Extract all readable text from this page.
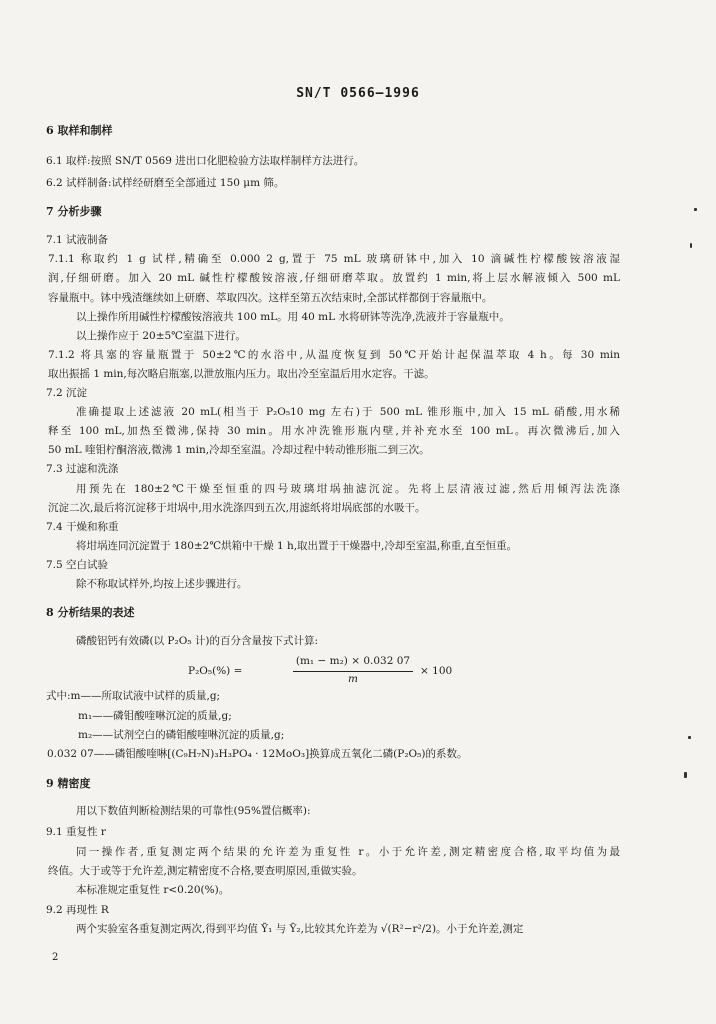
SN/T 0566—1996
6 取样和制样
6.1 取样:按照 SN/T 0569 进出口化肥检验方法取样制样方法进行。
6.2 试样制备:试样经研磨至全部通过 150 μm 筛。
7 分析步骤
7.1 试液制备
7.1.1 称取约 1 g 试样,精确至 0.000 2 g,置于 75 mL 玻璃研钵中,加入 10 滴碱性柠檬酸铵溶液湿
润,仔细研磨。加入 20 mL 碱性柠檬酸铵溶液,仔细研磨萃取。放置约 1 min,将上层水解液倾入 500 mL
容量瓶中。钵中残渣继续如上研磨、萃取四次。这样至第五次结束时,全部试样都倒于容量瓶中。
以上操作所用碱性柠檬酸铵溶液共 100 mL。用 40 mL 水将研钵等洗净,洗液并于容量瓶中。
以上操作应于 20±5℃室温下进行。
7.1.2 将具塞的容量瓶置于 50±2℃的水浴中,从温度恢复到 50℃开始计起保温萃取 4 h。每 30 min
取出振摇 1 min,每次略启瓶塞,以泄放瓶内压力。取出冷至室温后用水定容。干滤。
7.2 沉淀
准确提取上述滤液 20 mL(相当于 P₂O₅10 mg 左右)于 500 mL 锥形瓶中,加入 15 mL 硝酸,用水稀
释至 100 mL,加热至微沸,保持 30 min。用水冲洗锥形瓶内壁,并补充水至 100 mL。再次微沸后,加入
50 mL 喹钼柠酮溶液,微沸 1 min,冷却至室温。冷却过程中转动锥形瓶二到三次。
7.3 过滤和洗涤
用预先在 180±2℃干燥至恒重的四号玻璃坩埚抽滤沉淀。先将上层清液过滤,然后用倾泻法洗涤
沉淀二次,最后将沉淀移于坩埚中,用水洗涤四到五次,用滤纸将坩埚底部的水吸干。
7.4 干燥和称重
将坩埚连同沉淀置于 180±2℃烘箱中干燥 1 h,取出置于干燥器中,冷却至室温,称重,直至恒重。
7.5 空白试验
除不称取试样外,均按上述步骤进行。
8 分析结果的表述
磷酸铝钙有效磷(以 P₂O₅ 计)的百分含量按下式计算:
P₂O₅(%) =
(m₁ − m₂) × 0.032 07
m
× 100
式中:m——所取试液中试样的质量,g;
m₁——磷钼酸喹啉沉淀的质量,g;
m₂——试剂空白的磷钼酸喹啉沉淀的质量,g;
0.032 07——磷钼酸喹啉[(C₉H₇N)₃H₃PO₄ · 12MoO₃]换算成五氧化二磷(P₂O₅)的系数。
9 精密度
用以下数值判断检测结果的可靠性(95%置信概率):
9.1 重复性 r
同一操作者,重复测定两个结果的允许差为重复性 r。小于允许差,测定精密度合格,取平均值为最
终值。大于或等于允许差,测定精密度不合格,要查明原因,重做实验。
本标准规定重复性 r<0.20(%)。
9.2 再现性 R
两个实验室各重复测定两次,得到平均值 Ȳ₁ 与 Ȳ₂,比较其允许差为 √(R²−r²/2)。小于允许差,测定
2
